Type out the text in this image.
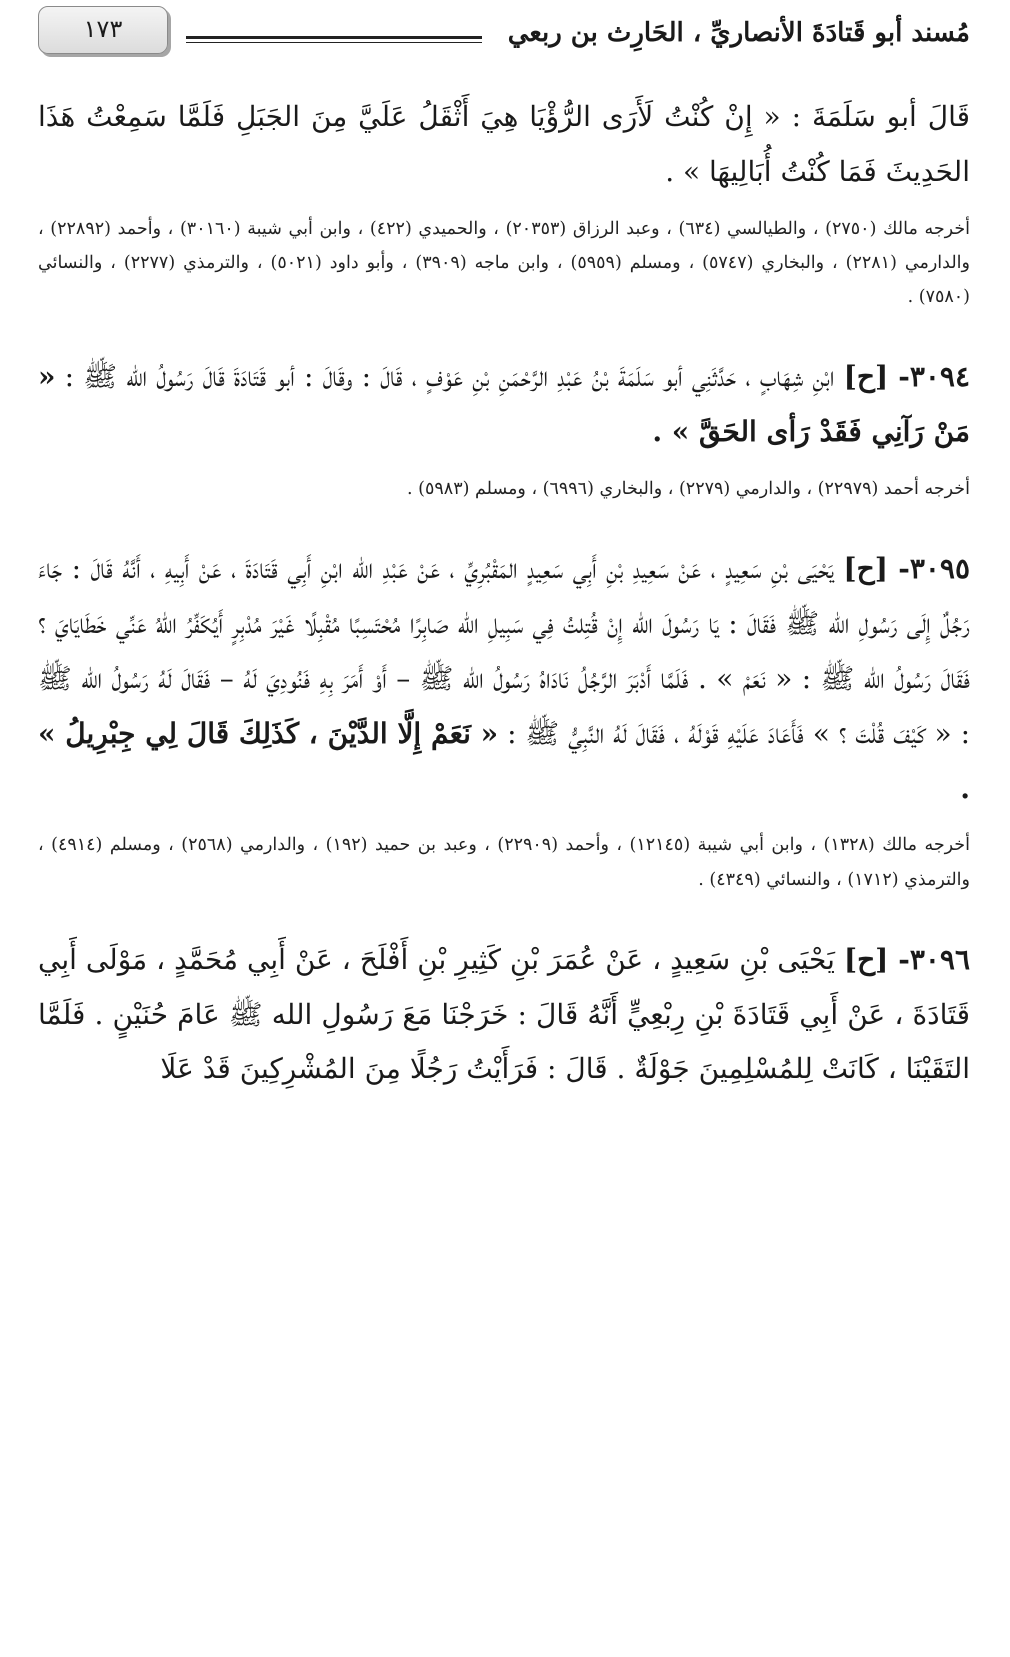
مُسند أبو قَتادَةَ الأنصاريِّ ، الحَارِث بن ربعي
١٧٣

قَالَ أبو سَلَمَةَ : « إِنْ كُنْتُ لَأَرَى الرُّؤْيَا هِيَ أَثْقَلُ عَلَيَّ مِنَ الجَبَلِ فَلَمَّا سَمِعْتُ هَذَا الحَدِيثَ فَمَا كُنْتُ أُبَالِيهَا » .

أخرجه مالك (٢٧٥٠) ، والطيالسي (٦٣٤) ، وعبد الرزاق (٢٠٣٥٣) ، والحميدي (٤٢٢) ، وابن أبي شيبة (٣٠١٦٠) ، وأحمد (٢٢٨٩٢) ، والدارمي (٢٢٨١) ، والبخاري (٥٧٤٧) ، ومسلم (٥٩٥٩) ، وابن ماجه (٣٩٠٩) ، وأبو داود (٥٠٢١) ، والترمذي (٢٢٧٧) ، والنسائي (٧٥٨٠) .

٣٠٩٤- [ح] ابْنِ شِهَابٍ ، حَدَّثَنِي أبو سَلَمَةَ بْنُ عَبْدِ الرَّحْمَنِ بْنِ عَوْفٍ ، قَالَ : وقَالَ : أبو قَتَادَةَ قَالَ رَسُولُ الله ﷺ : « مَنْ رَآنِي فَقَدْ رَأى الحَقَّ » .

أخرجه أحمد (٢٢٩٧٩) ، والدارمي (٢٢٧٩) ، والبخاري (٦٩٩٦) ، ومسلم (٥٩٨٣) .

٣٠٩٥- [ح] يَحْيَى بْنِ سَعِيدٍ ، عَنْ سَعِيدِ بْنِ أَبِي سَعِيدٍ المَقْبُرِيِّ ، عَنْ عَبْدِ الله ابْنِ أَبِي قَتَادَةَ ، عَنْ أَبِيهِ ، أَنَّهُ قَالَ : جَاءَ رَجُلٌ إِلَى رَسُولِ الله ﷺ فَقَالَ : يَا رَسُولَ الله إِنْ قُتِلتُ فِي سَبِيلِ الله صَابِرًا مُحْتَسِبًا مُقْبِلًا غَيْرَ مُدْبِرٍ أَيُكَفِّرُ اللهُ عَنِّي خَطَايَايَ ؟ فَقَالَ رَسُولُ الله ﷺ : « نَعَمْ » . فَلَمَّا أَدْبَرَ الرَّجُلُ نَادَاهُ رَسُولُ الله ﷺ – أَوْ أَمَرَ بِهِ فَنُودِيَ لَهُ – فَقَالَ لَهُ رَسُولُ الله ﷺ : « كَيْفَ قُلْتَ ؟ » فَأَعَادَ عَلَيْهِ قَوْلَهُ ، فَقَالَ لَهُ النَّبِيُّ ﷺ : « نَعَمْ إِلَّا الدَّيْنَ ، كَذَلِكَ قَالَ لِي جِبْرِيلُ » .

أخرجه مالك (١٣٢٨) ، وابن أبي شيبة (١٢١٤٥) ، وأحمد (٢٢٩٠٩) ، وعبد بن حميد (١٩٢) ، والدارمي (٢٥٦٨) ، ومسلم (٤٩١٤) ، والترمذي (١٧١٢) ، والنسائي (٤٣٤٩) .

٣٠٩٦- [ح] يَحْيَى بْنِ سَعِيدٍ ، عَنْ عُمَرَ بْنِ كَثِيرِ بْنِ أَفْلَحَ ، عَنْ أَبِي مُحَمَّدٍ ، مَوْلَى أَبِي قَتَادَةَ ، عَنْ أَبِي قَتَادَةَ بْنِ رِبْعِيٍّ أَنَّهُ قَالَ : خَرَجْنَا مَعَ رَسُولِ الله ﷺ عَامَ حُنَيْنٍ . فَلَمَّا التَقَيْنَا ، كَانَتْ لِلمُسْلِمِينَ جَوْلَةٌ . قَالَ : فَرَأَيْتُ رَجُلًا مِنَ المُشْرِكِينَ قَدْ عَلَا
